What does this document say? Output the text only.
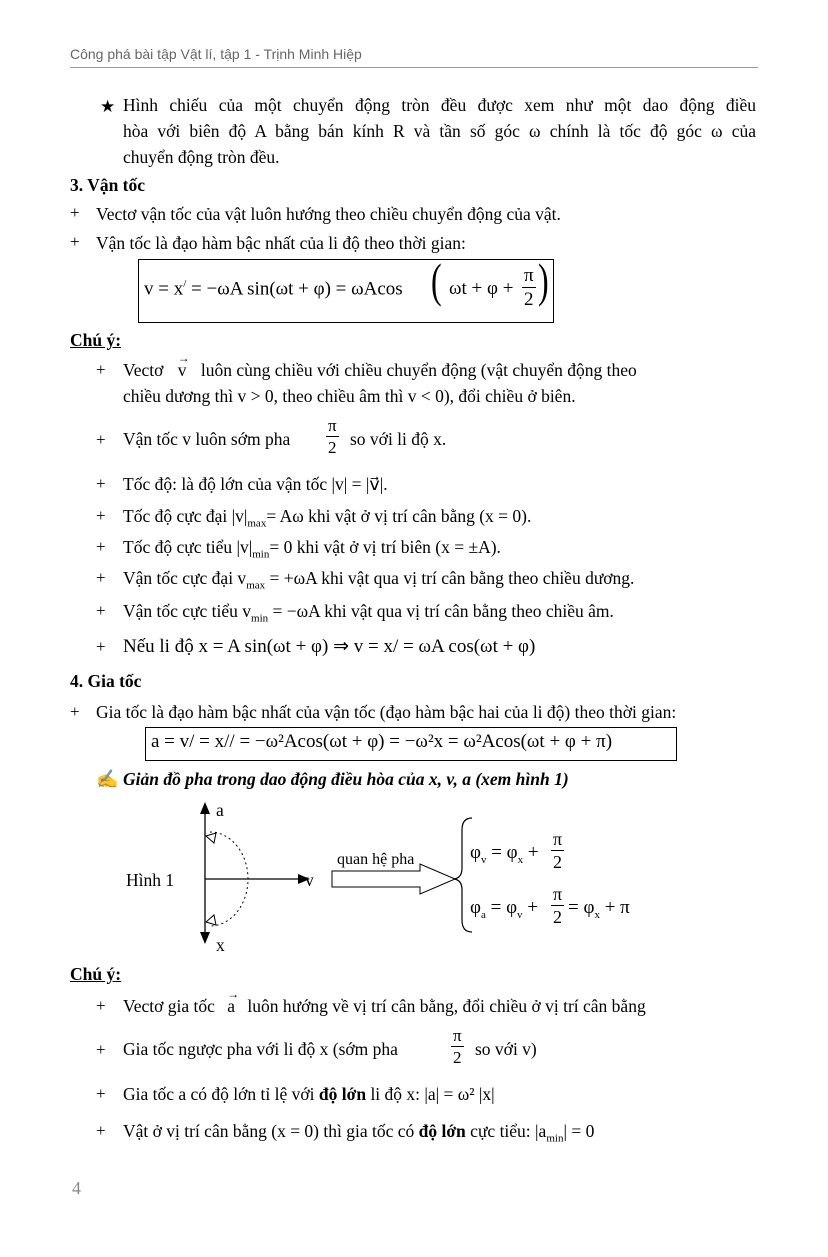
Công phá bài tập Vật lí, tập 1 - Trịnh Minh Hiệp
★ Hình chiếu của một chuyển động tròn đều được xem như một dao động điều
hòa với biên độ A bằng bán kính R và tần số góc ω chính là tốc độ góc ω của
chuyển động tròn đều.
3. Vận tốc
+ Vectơ vận tốc của vật luôn hướng theo chiều chuyển động của vật.
+ Vận tốc là đạo hàm bậc nhất của li độ theo thời gian:
v = x/ = −ωA sin(ωt + φ) = ωAcos ( $\omega t + \varphi + \frac{\pi}{2}$ )
Chú ý:
+ Vectơ
→
v luôn cùng chiều với chiều chuyển động (vật chuyển động theo
chiều dương thì v > 0, theo chiều âm thì v < 0), đổi chiều ở biên.
+ Vận tốc v luôn sớm pha $\frac{\pi}{2}$ so với li độ x.
+ Tốc độ: là độ lớn của vận tốc |v| = |v⃗|.
+ Tốc độ cực đại $|v|_{max}= A\omega$ khi vật ở vị trí cân bằng (x = 0).
+ Tốc độ cực tiểu $|v|_{min}= 0$ khi vật ở vị trí biên (x = ±A).
+ Vận tốc cực đại $v_{max} = +\omega A$ khi vật qua vị trí cân bằng theo chiều dương.
+ Vận tốc cực tiểu $v_{min} = -\omega A$ khi vật qua vị trí cân bằng theo chiều âm.
+ Nếu li độ x = A sin(ωt + φ) ⇒ v = x/ = ωA cos(ωt + φ)
4. Gia tốc
+ Gia tốc là đạo hàm bậc nhất của vận tốc (đạo hàm bậc hai của li độ) theo thời gian:
a = v/ = x// = −ω²Acos(ωt + φ) = −ω²x = ω²Acos(ωt + φ + π)
✍ Giản đồ pha trong dao động điều hòa của x, v, a (xem hình 1)
Hình 1
a
v
x
quan hệ pha	$\varphi_v = \varphi_x + \frac{\pi}{2}$
$\varphi_a = \varphi_v + \frac{\pi}{2} = \varphi_x + \pi$
Chú ý:
+ Vectơ gia tốc
→
a luôn hướng về vị trí cân bằng, đổi chiều ở vị trí cân bằng
+ Gia tốc ngược pha với li độ x (sớm pha	$\frac{\pi}{2}$ so với v)
+ Gia tốc a có độ lớn tỉ lệ với độ lớn li độ x: |a| = ω² |x|
+ Vật ở vị trí cân bằng (x = 0) thì gia tốc có độ lớn cực tiểu: $|a_{min}| = 0$
4
